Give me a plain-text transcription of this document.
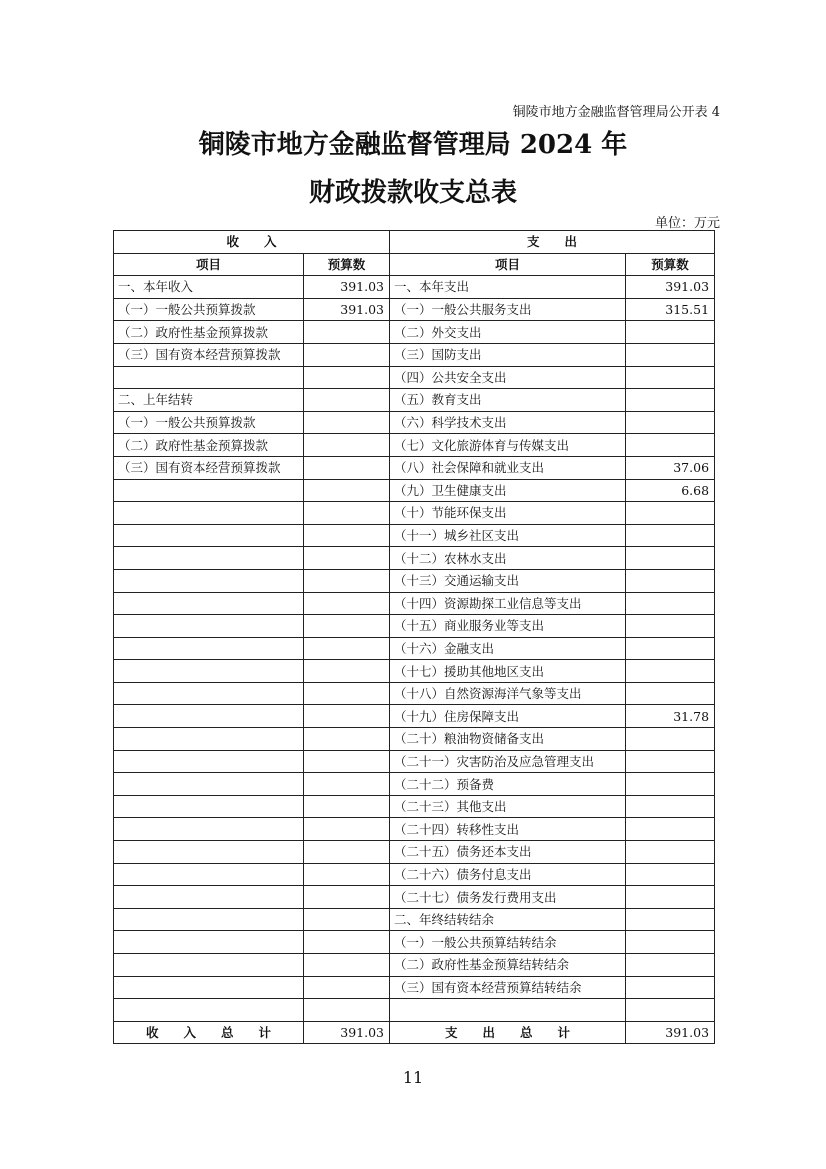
铜陵市地方金融监督管理局公开表 4
铜陵市地方金融监督管理局 2024 年
财政拨款收支总表
单位：万元
收　　入		支　　出	
项目	预算数	项目	预算数
一、本年收入	391.03	一、本年支出	391.03
（一）一般公共预算拨款	391.03	（一）一般公共服务支出	315.51
（二）政府性基金预算拨款		（二）外交支出	
（三）国有资本经营预算拨款		（三）国防支出	
		（四）公共安全支出	
二、上年结转		（五）教育支出	
（一）一般公共预算拨款		（六）科学技术支出	
（二）政府性基金预算拨款		（七）文化旅游体育与传媒支出	
（三）国有资本经营预算拨款		（八）社会保障和就业支出	37.06
		（九）卫生健康支出	6.68
		（十）节能环保支出	
		（十一）城乡社区支出	
		（十二）农林水支出	
		（十三）交通运输支出	
		（十四）资源勘探工业信息等支出	
		（十五）商业服务业等支出	
		（十六）金融支出	
		（十七）援助其他地区支出	
		（十八）自然资源海洋气象等支出	
		（十九）住房保障支出	31.78
		（二十）粮油物资储备支出	
		（二十一）灾害防治及应急管理支出	
		（二十二）预备费	
		（二十三）其他支出	
		（二十四）转移性支出	
		（二十五）债务还本支出	
		（二十六）债务付息支出	
		（二十七）债务发行费用支出	
		二、年终结转结余	
		（一）一般公共预算结转结余	
		（二）政府性基金预算结转结余	
		（三）国有资本经营预算结转结余	

收　　入　　总　　计	391.03	支　　出　　总　　计	391.03
11
